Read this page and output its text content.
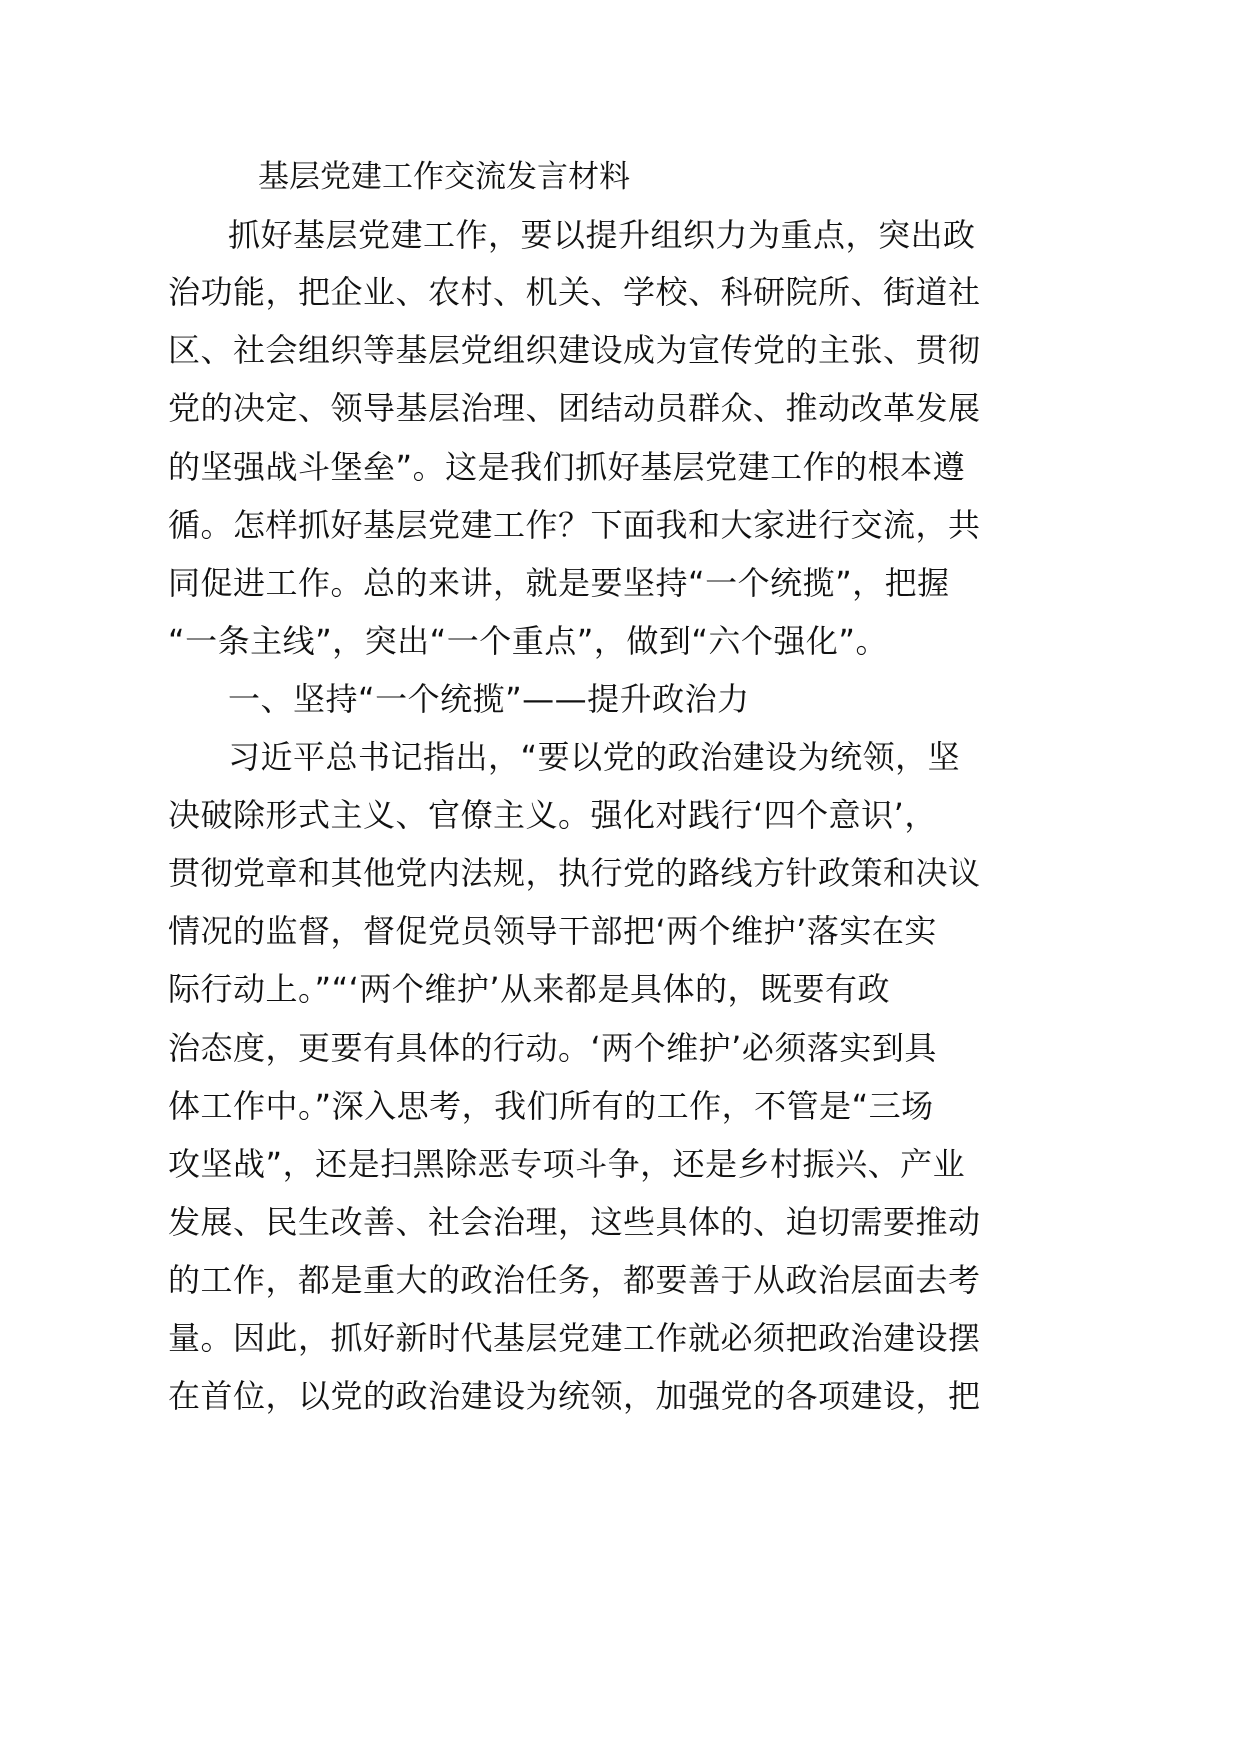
基层党建工作交流发言材料
抓好基层党建工作，要以提升组织力为重点，突出政
治功能，把企业、农村、机关、学校、科研院所、街道社
区、社会组织等基层党组织建设成为宣传党的主张、贯彻
党的决定、领导基层治理、团结动员群众、推动改革发展
的坚强战斗堡垒”。这是我们抓好基层党建工作的根本遵
循。怎样抓好基层党建工作？下面我和大家进行交流，共
同促进工作。总的来讲，就是要坚持“一个统揽”，把握
“一条主线”，突出“一个重点”，做到“六个强化”。
一、坚持“一个统揽”——提升政治力
习近平总书记指出，“要以党的政治建设为统领，坚
决破除形式主义、官僚主义。强化对践行‘四个意识’，
贯彻党章和其他党内法规，执行党的路线方针政策和决议
情况的监督，督促党员领导干部把‘两个维护’落实在实
际行动上。”“‘两个维护’从来都是具体的，既要有政
治态度，更要有具体的行动。‘两个维护’必须落实到具
体工作中。”深入思考，我们所有的工作，不管是“三场
攻坚战”，还是扫黑除恶专项斗争，还是乡村振兴、产业
发展、民生改善、社会治理，这些具体的、迫切需要推动
的工作，都是重大的政治任务，都要善于从政治层面去考
量。因此，抓好新时代基层党建工作就必须把政治建设摆
在首位，以党的政治建设为统领，加强党的各项建设，把
